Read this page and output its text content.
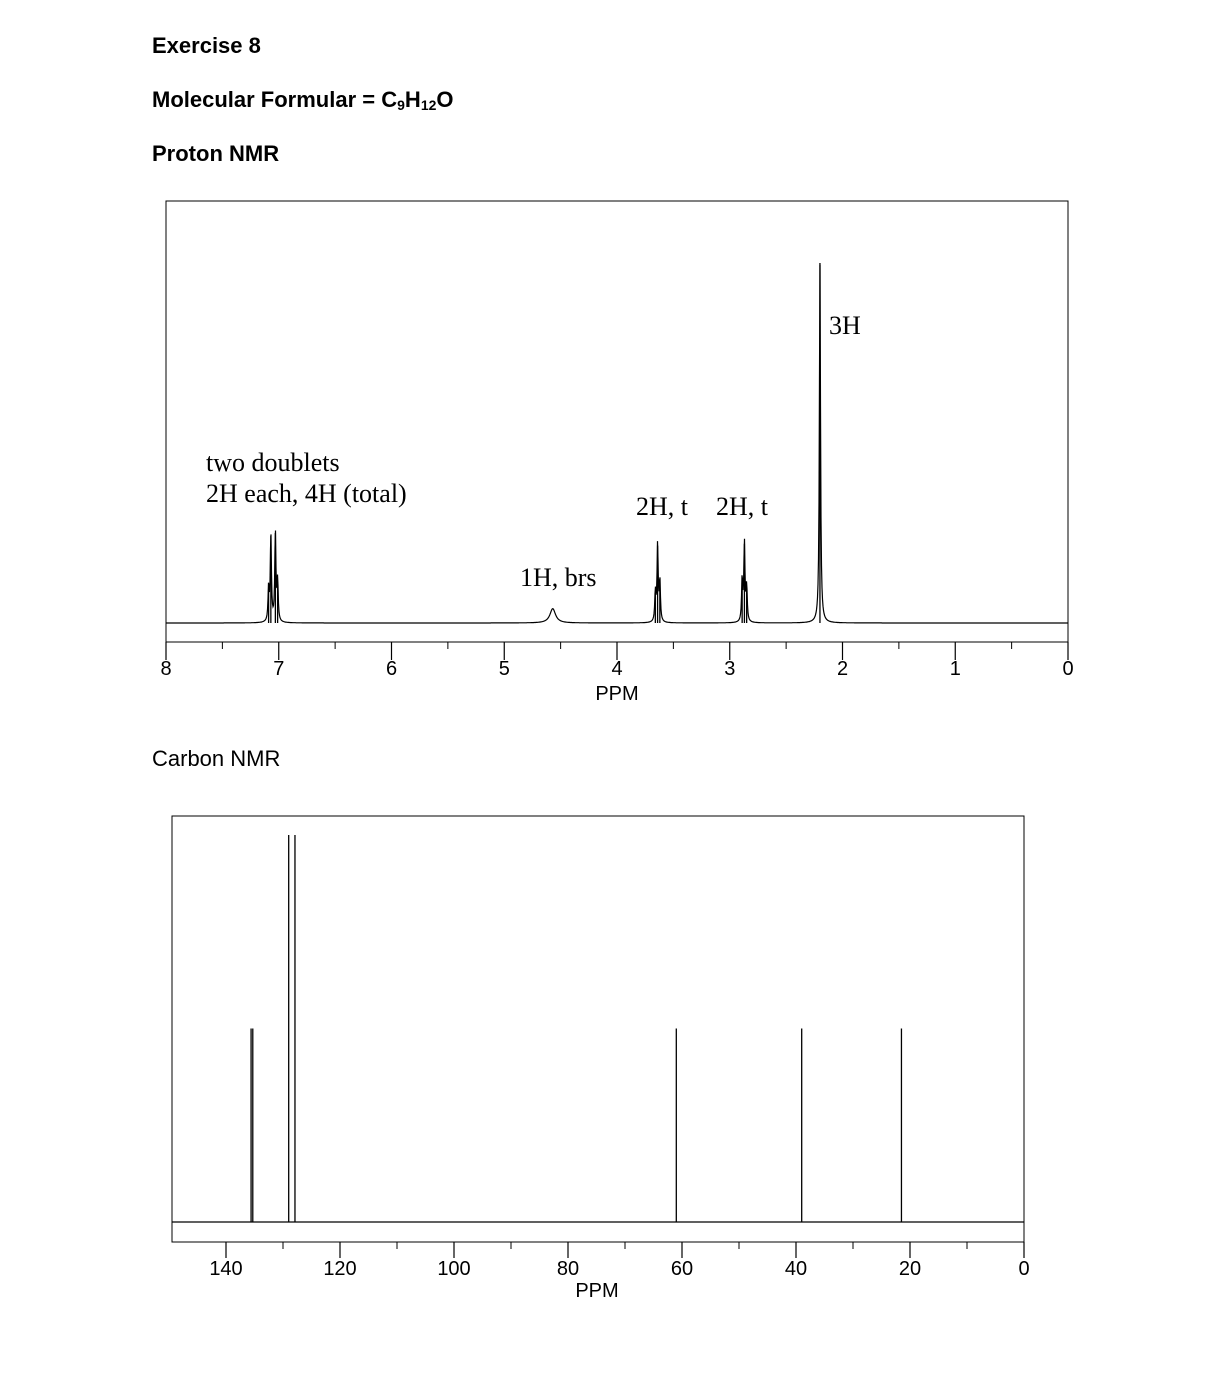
Exercise 8
Molecular Formular = $C_9H_{12}O$
Proton NMR
Carbon NMR
8	7	6	5	4	3	2	1	0
PPM
two doublets
2H each, 4H (total)
1H, brs
2H, t 2H, t
3H
140	120	100	80	60	40	20	0
PPM
